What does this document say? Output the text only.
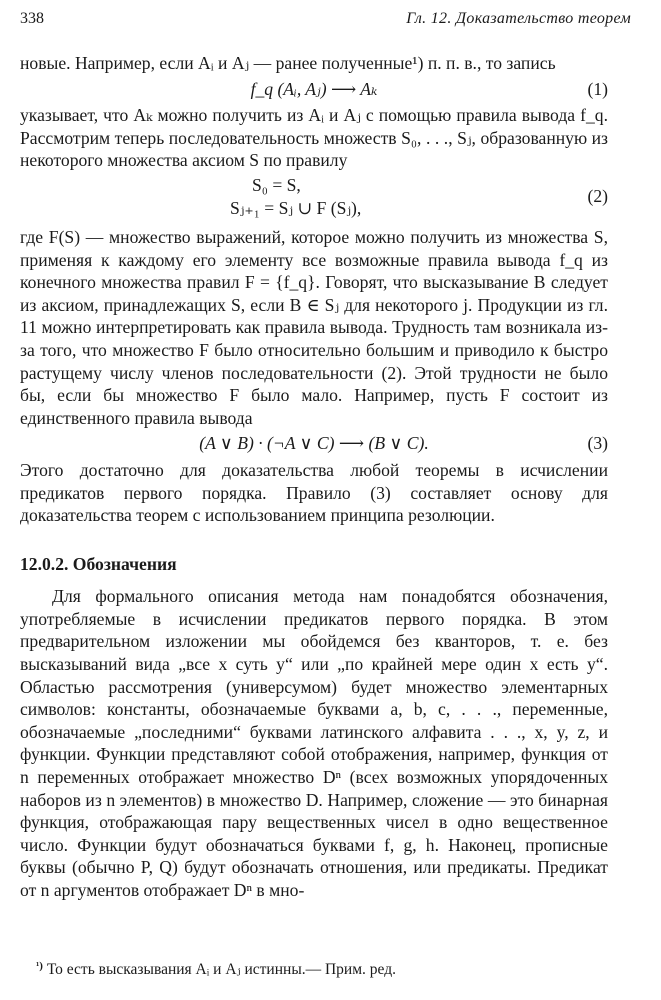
338	Гл. 12. Доказательство теорем

новые. Например, если Aᵢ и Aⱼ — ранее полученные¹) п. п. в., то запись

f_q (Aᵢ, Aⱼ) ⟶ Aₖ	(1)

указывает, что Aₖ можно получить из Aᵢ и Aⱼ с помощью правила вывода f_q. Рассмотрим теперь последовательность множеств S₀, . . ., Sⱼ, образованную из некоторого множества аксиом S по правилу

S₀ = S,
Sⱼ₊₁ = Sⱼ ∪ F (Sⱼ),
(2)

где F(S) — множество выражений, которое можно получить из множества S, применяя к каждому его элементу все возможные правила вывода f_q из конечного множества правил F = {f_q}. Говорят, что высказывание B следует из аксиом, принадлежащих S, если B ∈ Sⱼ для некоторого j. Продукции из гл. 11 можно интерпретировать как правила вывода. Трудность там возникала из-за того, что множество F было относительно большим и приводило к быстро растущему числу членов последовательности (2). Этой трудности не было бы, если бы множество F было мало. Например, пусть F состоит из единственного правила вывода

(A ∨ B) · (¬A ∨ C) ⟶ (B ∨ C).	(3)

Этого достаточно для доказательства любой теоремы в исчислении предикатов первого порядка. Правило (3) составляет основу для доказательства теорем с использованием принципа резолюции.

12.0.2. Обозначения

Для формального описания метода нам понадобятся обозначения, употребляемые в исчислении предикатов первого порядка. В этом предварительном изложении мы обойдемся без кванторов, т. е. без высказываний вида „все x суть y“ или „по крайней мере один x есть y“. Областью рассмотрения (универсумом) будет множество элементарных символов: константы, обозначаемые буквами a, b, c, . . ., переменные, обозначаемые „последними“ буквами латинского алфавита . . ., x, y, z, и функции. Функции представляют собой отображения, например, функция от n переменных отображает множество Dⁿ (всех возможных упорядоченных наборов из n элементов) в множество D. Например, сложение — это бинарная функция, отображающая пару вещественных чисел в одно вещественное число. Функции будут обозначаться буквами f, g, h. Наконец, прописные буквы (обычно P, Q) будут обозначать отношения, или предикаты. Предикат от n аргументов отображает Dⁿ в мно-

$^{^1)}$ То есть высказывания Aᵢ и Aⱼ истинны.— Прим. ред.
